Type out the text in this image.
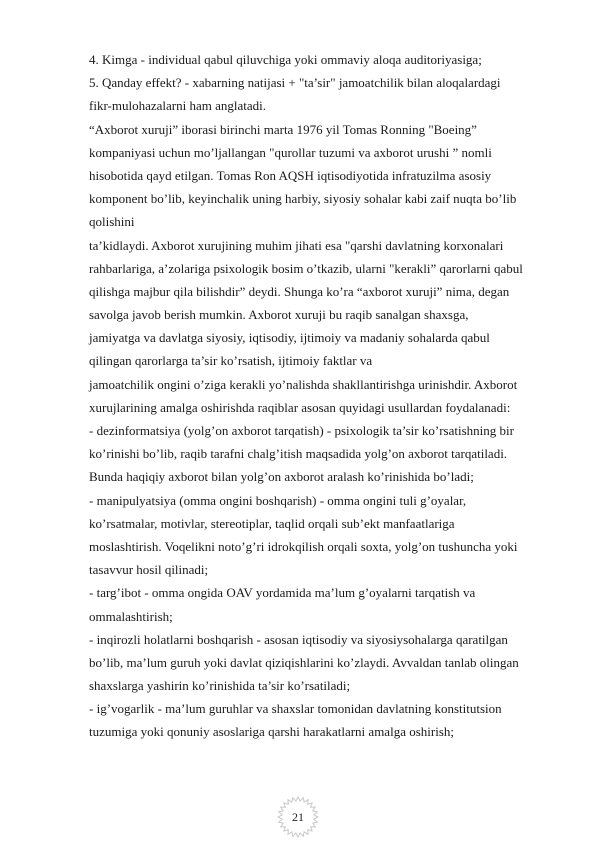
4. Kimga - individual qabul qiluvchiga yoki ommaviy aloqa auditoriyasiga;
5. Qanday effekt? - xabarning natijasi + "ta’sir" jamoatchilik bilan aloqalardagi
fikr-mulohazalarni ham anglatadi.
“Axborot xuruji” iborasi birinchi marta 1976 yil Tomas Ronning "Boeing”
kompaniyasi uchun mo’ljallangan "qurollar tuzumi va axborot urushi ” nomli
hisobotida qayd etilgan. Tomas Ron AQSH iqtisodiyotida infratuzilma asosiy
komponent bo’lib, keyinchalik uning harbiy, siyosiy sohalar kabi zaif nuqta bo’lib
qolishini
ta’kidlaydi. Axborot xurujining muhim jihati esa "qarshi davlatning korxonalari
rahbarlariga, a’zolariga psixologik bosim o’tkazib, ularni "kerakli” qarorlarni qabul
qilishga majbur qila bilishdir” deydi. Shunga ko’ra “axborot xuruji” nima, degan
savolga javob berish mumkin. Axborot xuruji bu raqib sanalgan shaxsga,
jamiyatga va davlatga siyosiy, iqtisodiy, ijtimoiy va madaniy sohalarda qabul
qilingan qarorlarga ta’sir ko’rsatish, ijtimoiy faktlar va
jamoatchilik ongini o’ziga kerakli yo’nalishda shakllantirishga urinishdir. Axborot
xurujlarining amalga oshirishda raqiblar asosan quyidagi usullardan foydalanadi:
- dezinformatsiya (yolg’on axborot tarqatish) - psixologik ta’sir ko’rsatishning bir
ko’rinishi bo’lib, raqib tarafni chalg’itish maqsadida yolg’on axborot tarqatiladi.
Bunda haqiqiy axborot bilan yolg’on axborot aralash ko’rinishida bo’ladi;
- manipulyatsiya (omma ongini boshqarish) - omma ongini tuli g’oyalar,
ko’rsatmalar, motivlar, stereotiplar, taqlid orqali sub’ekt manfaatlariga
moslashtirish. Voqelikni noto’g’ri idrokqilish orqali soxta, yolg’on tushuncha yoki
tasavvur hosil qilinadi;
- targ’ibot - omma ongida OAV yordamida ma’lum g’oyalarni tarqatish va
ommalashtirish;
- inqirozli holatlarni boshqarish - asosan iqtisodiy va siyosiysohalarga qaratilgan
bo’lib, ma’lum guruh yoki davlat qiziqishlarini ko’zlaydi. Avvaldan tanlab olingan
shaxslarga yashirin ko’rinishida ta’sir ko’rsatiladi;
- ig’vogarlik - ma’lum guruhlar va shaxslar tomonidan davlatning konstitutsion
tuzumiga yoki qonuniy asoslariga qarshi harakatlarni amalga oshirish;
21
